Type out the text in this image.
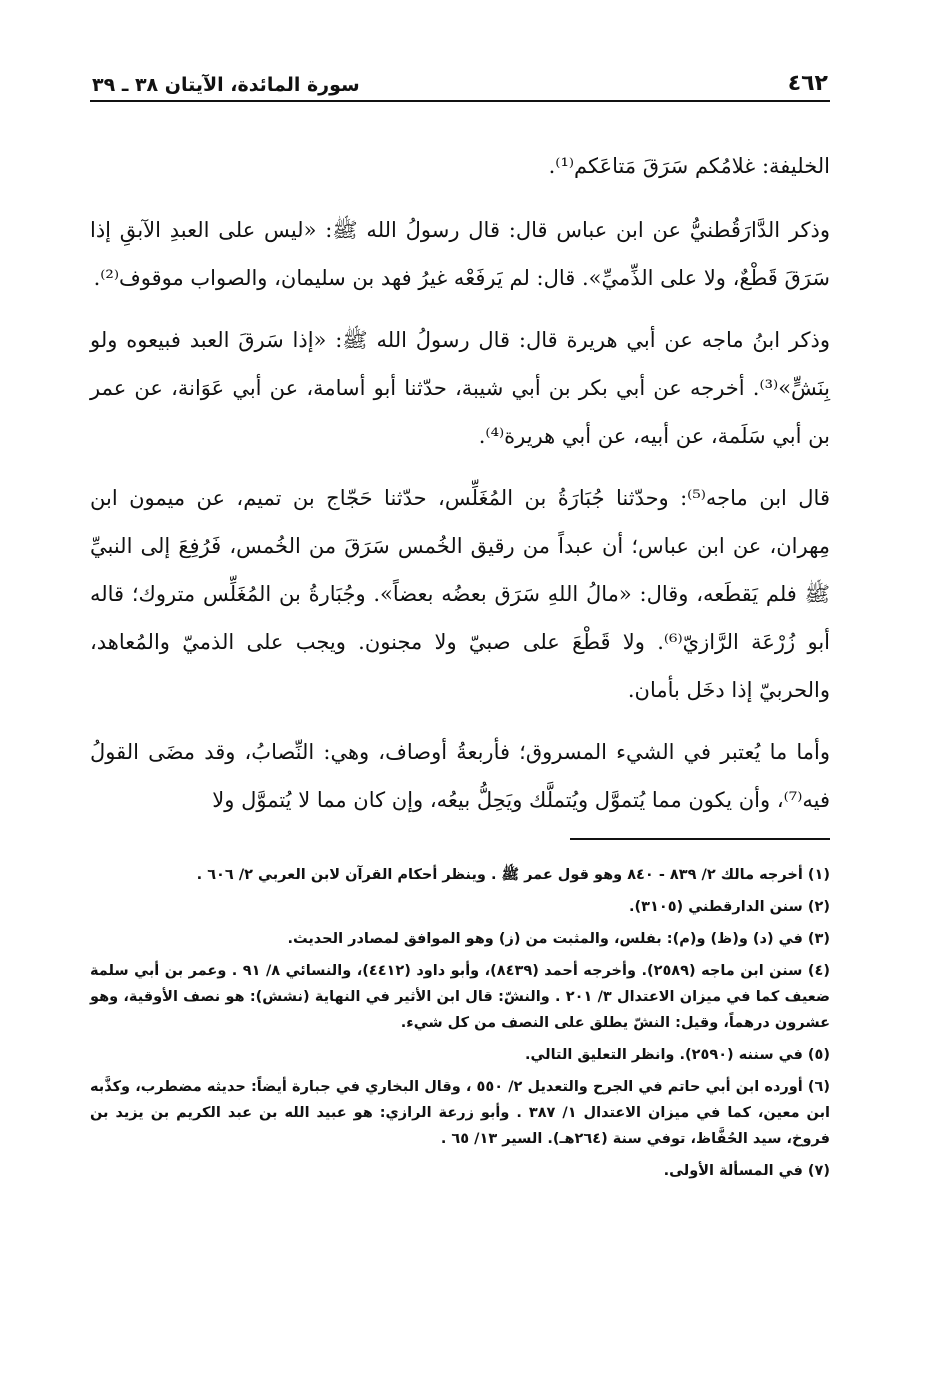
٤٦٢
سورة المائدة، الآيتان ٣٨ ـ ٣٩

الخليفة: غلامُكم سَرَقَ مَتاعَكم⁽¹⁾.

وذكر الدَّارَقُطنيُّ عن ابن عباس قال: قال رسولُ الله ﷺ: «ليس على العبدِ الآبقِ إذا سَرَقَ قَطْعٌ، ولا على الذِّميِّ». قال: لم يَرفَعْه غيرُ فهد بن سليمان، والصواب موقوف⁽²⁾.

وذكر ابنُ ماجه عن أبي هريرة قال: قال رسولُ الله ﷺ: «إذا سَرقَ العبد فبيعوه ولو بِنَشٍّ»⁽³⁾. أخرجه عن أبي بكر بن أبي شيبة، حدّثنا أبو أسامة، عن أبي عَوَانة، عن عمر بن أبي سَلَمة، عن أبيه، عن أبي هريرة⁽⁴⁾.

قال ابن ماجه⁽⁵⁾: وحدّثنا جُبَارَةُ بن المُغَلِّس، حدّثنا حَجّاج بن تميم، عن ميمون ابن مِهران، عن ابن عباس؛ أن عبداً من رقيق الخُمس سَرَقَ من الخُمس، فَرُفِعَ إلى النبيِّ ﷺ فلم يَقطَعه، وقال: «مالُ اللهِ سَرَق بعضُه بعضاً». وجُبَارةُ بن المُغَلِّس متروك؛ قاله أبو زُرْعَة الرَّازيّ⁽⁶⁾. ولا قَطْعَ على صبيّ ولا مجنون. ويجب على الذميّ والمُعاهد، والحربيّ إذا دخَل بأمان.

وأما ما يُعتبر في الشيء المسروق؛ فأربعةُ أوصاف، وهي: النِّصابُ، وقد مضَى القولُ فيه⁽⁷⁾، وأن يكون مما يُتموَّل ويُتملَّك ويَحِلُّ بيعُه، وإن كان مما لا يُتموَّل ولا

(١) أخرجه مالك ٢/ ٨٣٩ - ٨٤٠ وهو قول عمر ﷺ . وينظر أحكام القرآن لابن العربي ٢/ ٦٠٦ .

(٢) سنن الدارقطني (٣١٠٥).

(٣) في (د) و(ظ) و(م): بفلس، والمثبت من (ز) وهو الموافق لمصادر الحديث.

(٤) سنن ابن ماجه (٢٥٨٩). وأخرجه أحمد (٨٤٣٩)، وأبو داود (٤٤١٢)، والنسائي ٨/ ٩١ . وعمر بن أبي سلمة ضعيف كما في ميزان الاعتدال ٣/ ٢٠١ . والنشّ: قال ابن الأثير في النهاية (نشش): هو نصف الأوقية، وهو عشرون درهماً، وقيل: النشّ يطلق على النصف من كل شيء.

(٥) في سننه (٢٥٩٠). وانظر التعليق التالي.

(٦) أورده ابن أبي حاتم في الجرح والتعديل ٢/ ٥٥٠ ، وقال البخاري في جبارة أيضاً: حديثه مضطرب، وكذَّبه ابن معين، كما في ميزان الاعتدال ١/ ٣٨٧ . وأبو زرعة الرازي: هو عبيد الله بن عبد الكريم بن يزيد بن فروخ، سيد الحُفَّاظ، توفي سنة (٢٦٤هـ). السير ١٣/ ٦٥ .

(٧) في المسألة الأولى.
